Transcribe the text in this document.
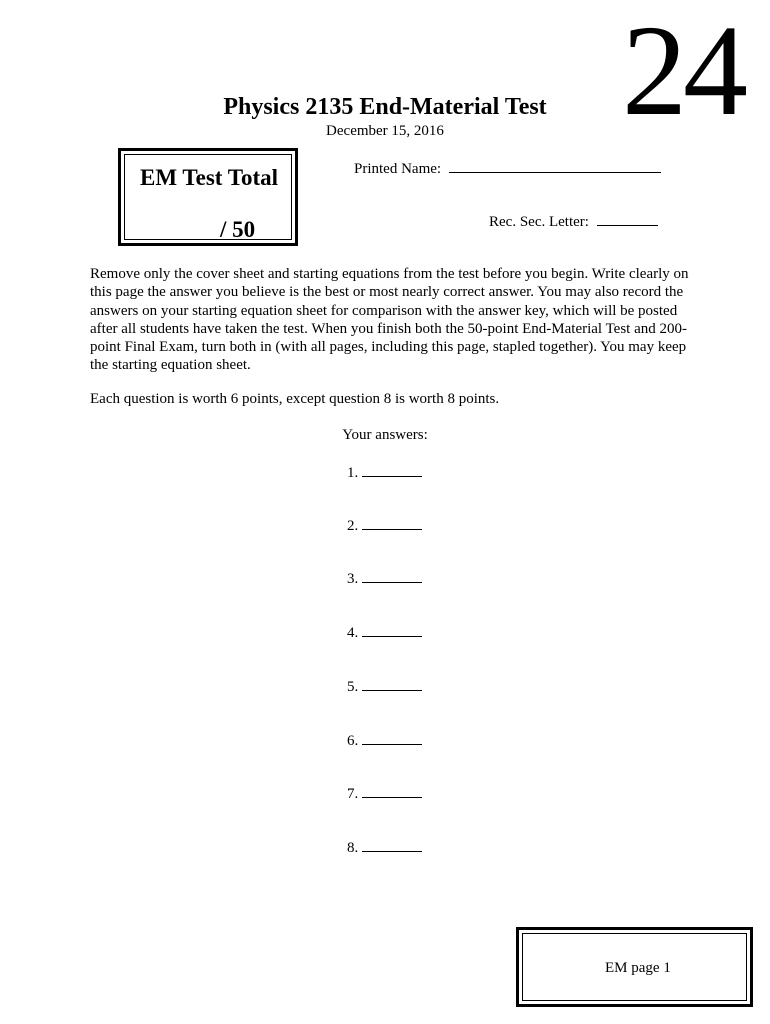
24
Physics 2135 End-Material Test
December 15, 2016
EM Test Total
/ 50
Printed Name:
Rec. Sec. Letter:
Remove only the cover sheet and starting equations from the test before you begin. Write clearly on this page the answer you believe is the best or most nearly correct answer. You may also record the answers on your starting equation sheet for comparison with the answer key, which will be posted after all students have taken the test. When you finish both the 50-point End-Material Test and 200-point Final Exam, turn both in (with all pages, including this page, stapled together). You may keep the starting equation sheet.
Each question is worth 6 points, except question 8 is worth 8 points.
Your answers:
1.
2.
3.
4.
5.
6.
7.
8.
EM page 1
